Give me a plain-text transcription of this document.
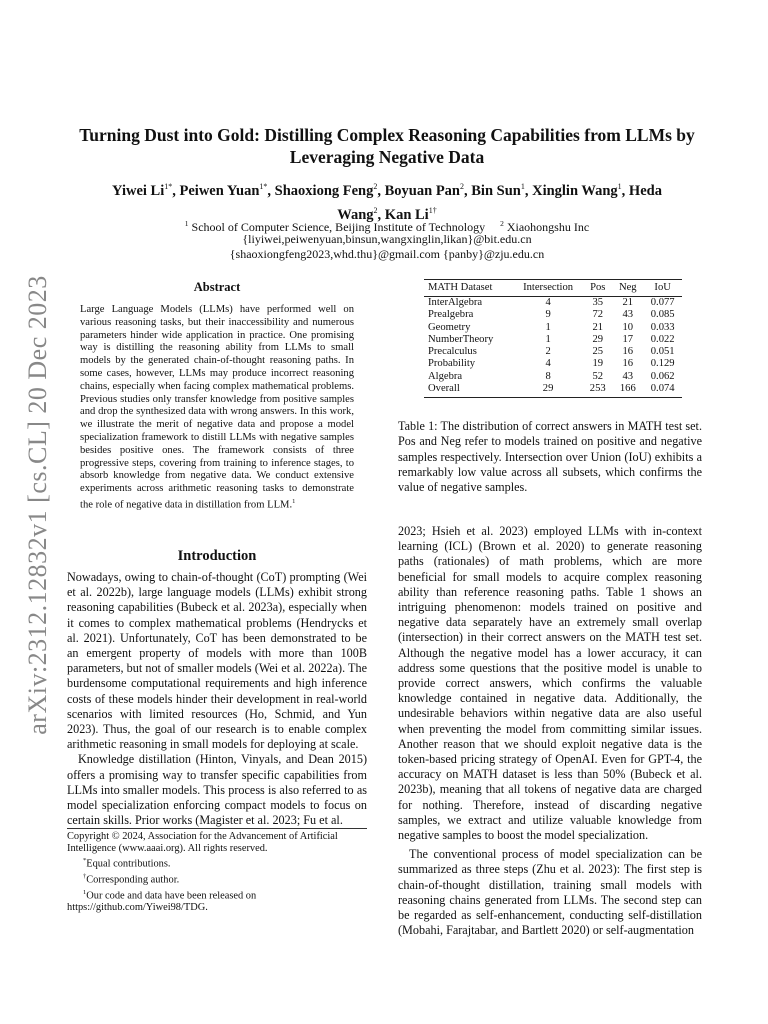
arXiv:2312.12832v1 [cs.CL] 20 Dec 2023
Turning Dust into Gold: Distilling Complex Reasoning Capabilities from LLMs by Leveraging Negative Data
Yiwei $Li^{1*}$, Peiwen Yuan$^{1*}$, Shaoxiong Feng$^2$, Boyuan Pan$^2$, Bin Sun$^1$, Xinglin Wang$^1$, Heda
Wang$^2$, Kan $Li^{1\dagger}$
$^1$ School of Computer Science, Beijing Institute of Technology $^2$ Xiaohongshu Inc
{liyiwei,peiwenyuan,binsun,wangxinglin,likan}@bit.edu.cn
{shaoxiongfeng2023,whd.thu}@gmail.com {panby}@zju.edu.cn
Abstract
Large Language Models (LLMs) have performed well on various reasoning tasks, but their inaccessibility and numerous parameters hinder wide application in practice. One promising way is distilling the reasoning ability from LLMs to small models by the generated chain-of-thought reasoning paths. In some cases, however, LLMs may produce incorrect reasoning chains, especially when facing complex mathematical problems. Previous studies only transfer knowledge from positive samples and drop the synthesized data with wrong answers. In this work, we illustrate the merit of negative data and propose a model specialization framework to distill LLMs with negative samples besides positive ones. The framework consists of three progressive steps, covering from training to inference stages, to absorb knowledge from negative data. We conduct extensive experiments across arithmetic reasoning tasks to demonstrate the role of negative data in distillation from LLM.$^1$
Introduction

Nowadays, owing to chain-of-thought (CoT) prompting (Wei et al. 2022b), large language models (LLMs) exhibit strong reasoning capabilities (Bubeck et al. 2023a), especially when it comes to complex mathematical problems (Hendrycks et al. 2021). Unfortunately, CoT has been demonstrated to be an emergent property of models with more than 100B parameters, but not of smaller models (Wei et al. 2022a). The burdensome computational requirements and high inference costs of these models hinder their development in real-world scenarios with limited resources (Ho, Schmid, and Yun 2023). Thus, the goal of our research is to enable complex arithmetic reasoning in small models for deploying at scale.

Knowledge distillation (Hinton, Vinyals, and Dean 2015) offers a promising way to transfer specific capabilities from LLMs into smaller models. This process is also referred to as model specialization enforcing compact models to focus on certain skills. Prior works (Magister et al. 2023; Fu et al.

Copyright © 2024, Association for the Advancement of Artificial Intelligence (www.aaai.org). All rights reserved.

*Equal contributions.

†Corresponding author.

$^1$Our code and data have been released on https://github.com/Yiwei98/TDG.

MATH Dataset	Intersection	Pos	Neg	IoU
InterAlgebra	4	35	21	0.077
Prealgebra	9	72	43	0.085
Geometry	1	21	10	0.033
NumberTheory	1	29	17	0.022
Precalculus	2	25	16	0.051
Probability	4	19	16	0.129
Algebra	8	52	43	0.062
Overall	29	253	166	0.074
Table 1: The distribution of correct answers in MATH test set. Pos and Neg refer to models trained on positive and negative samples respectively. Intersection over Union (IoU) exhibits a remarkably low value across all subsets, which confirms the value of negative samples.

2023; Hsieh et al. 2023) employed LLMs with in-context learning (ICL) (Brown et al. 2020) to generate reasoning paths (rationales) of math problems, which are more beneficial for small models to acquire complex reasoning ability than reference reasoning paths. Table 1 shows an intriguing phenomenon: models trained on positive and negative data separately have an extremely small overlap (intersection) in their correct answers on the MATH test set. Although the negative model has a lower accuracy, it can address some questions that the positive model is unable to provide correct answers, which confirms the valuable knowledge contained in negative data. Additionally, the undesirable behaviors within negative data are also useful when preventing the model from committing similar issues. Another reason that we should exploit negative data is the token-based pricing strategy of OpenAI. Even for GPT-4, the accuracy on MATH dataset is less than 50% (Bubeck et al. 2023b), meaning that all tokens of negative data are charged for nothing. Therefore, instead of discarding negative samples, we extract and utilize valuable knowledge from negative samples to boost the model specialization.

The conventional process of model specialization can be summarized as three steps (Zhu et al. 2023): The first step is chain-of-thought distillation, training small models with reasoning chains generated from LLMs. The second step can be regarded as self-enhancement, conducting self-distillation (Mobahi, Farajtabar, and Bartlett 2020) or self-augmentation
